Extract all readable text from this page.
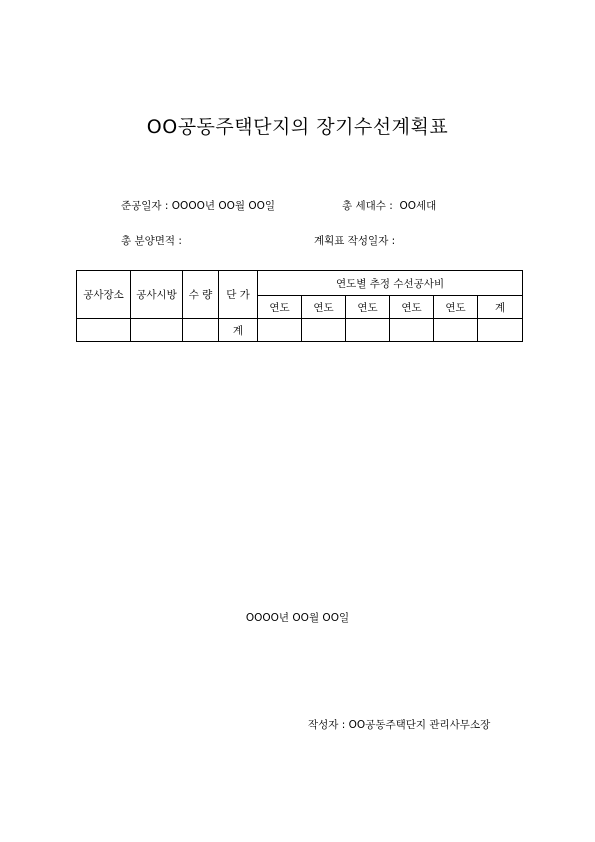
OO공동주택단지의 장기수선계획표
준공일자 : OOOO년 OO월 OO일	총 세대수 : OO세대
총 분양면적 :	계획표 작성일자 :
공사장소	공사시방	수 량	단 가	연도별 추정 수선공사비					
				연도	연도	연도	연도	연도	계
			계						
OOOO년 OO월 OO일
작성자 : OO공동주택단지 관리사무소장
